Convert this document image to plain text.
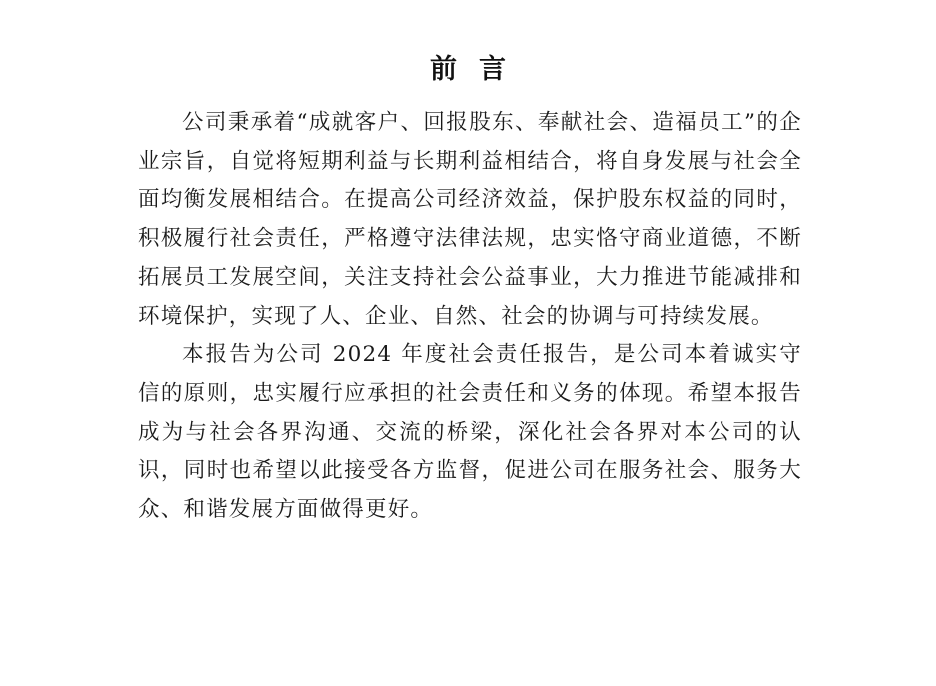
前言

公司秉承着“成就客户、回报股东、奉献社会、造福员工”的企业宗旨，自觉将短期利益与长期利益相结合，将自身发展与社会全面均衡发展相结合。在提高公司经济效益，保护股东权益的同时，积极履行社会责任，严格遵守法律法规，忠实恪守商业道德，不断拓展员工发展空间，关注支持社会公益事业，大力推进节能减排和环境保护，实现了人、企业、自然、社会的协调与可持续发展。

本报告为公司 2024 年度社会责任报告，是公司本着诚实守信的原则，忠实履行应承担的社会责任和义务的体现。希望本报告成为与社会各界沟通、交流的桥梁，深化社会各界对本公司的认识，同时也希望以此接受各方监督，促进公司在服务社会、服务大众、和谐发展方面做得更好。
